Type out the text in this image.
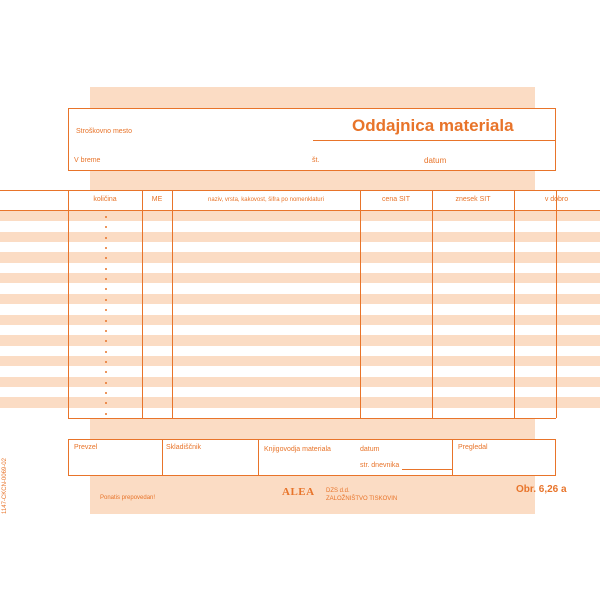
Oddajnica materiala
Stroškovno mesto
V breme	št.	datum
količina	ME	naziv, vrsta, kakovost, šifra po nomenklaturi	cena SIT	znesek SIT	v dobro
Prevzel	Skladiščnik	Knjigovodja materiala	datum
str. dnevnika
Pregledal
Ponatis prepovedan!	ALEA DZS d.d.
ZALOŽNIŠTVO TISKOVIN
Obr. 6,26 a
1147-CKCN-0069-02
